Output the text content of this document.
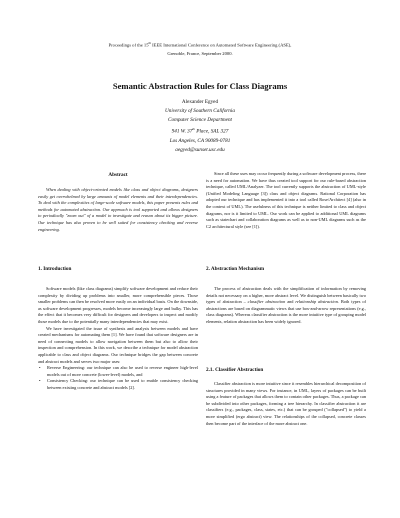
Proceedings of the 15th IEEE International Conference on Automated Software Engineering (ASE),
Grenoble, France, September 2000.
Semantic Abstraction Rules for Class Diagrams
Alexander Egyed
University of Southern California
Computer Science Department
941 W. 37th Place, SAL 327
Los Angeles, CA 90089-0781
aegyed@sunset.usc.edu
Abstract

When dealing with object-oriented models like class and object diagrams, designers easily get overwhelmed by large amounts of model elements and their interdependencies. To deal with the complexities of large-scale software models, this paper presents rules and methods for automated abstraction. Our approach is tool supported and allows designers to periodically "zoom out" of a model to investigate and reason about its bigger picture. Our technique has also proven to be well suited for consistency checking and reverse engineering.

1. Introduction

Software models (like class diagrams) simplify software development and reduce their complexity by dividing up problems into smaller, more comprehensible pieces. Those smaller problems can then be resolved more easily on an individual basis. On the downside, as software development progresses, models become increasingly large and bulky. This has the effect that it becomes very difficult for designers and developers to inspect and modify those models due to the potentially many interdependencies that may exist.

We have investigated the issue of synthesis and analysis between models and have created mechanisms for automating them [1]. We have found that software designers are in need of connecting models to allow navigation between them but also to allow their inspection and comprehension. In this work, we describe a technique for model abstraction applicable to class and object diagrams. Our technique bridges the gap between concrete and abstract models and serves two major uses:

• Reverse Engineering: our technique can also be used to reverse engineer high-level models out of more concrete (lower-level) models, and
• Consistency Checking: our technique can be used to enable consistency checking between existing concrete and abstract models [2].

Since all these uses may occur frequently during a software development process, there is a need for automation. We have thus created tool support for our rule-based abstraction technique, called UML/Analyzer. The tool currently supports the abstraction of UML-style (Unified Modeling Language [3]) class and object diagrams. Rational Corporation has adopted our technique and has implemented it into a tool called Rose/Architect [4] (also in the context of UML). The usefulness of this technique is neither limited to class and object diagrams, nor is it limited to UML. Our work can be applied to additional UML diagrams such as statechart and collaboration diagrams as well as to non-UML diagrams such as the C2 architectural style (see [1]).

2. Abstraction Mechanism

The process of abstraction deals with the simplification of information by removing details not necessary on a higher, more abstract level. We distinguish between basically two types of abstraction – classifier abstraction and relationship abstraction. Both types of abstractions are based on diagrammatic views that use box-and-arrow representations (e.g., class diagrams). Whereas classifier abstraction is the more intuitive type of grouping model elements, relation abstraction has been widely ignored.

2.1. Classifier Abstraction

Classifier abstraction is more intuitive since it resembles hierarchical decomposition of structures provided in many views. For instance, in UML, layers of packages can be built using a feature of packages that allows them to contain other packages. Thus, a package can be subdivided into other packages, forming a tree hierarchy. In classifier abstraction it are classifiers (e.g., packages, class, states, etc.) that can be grouped ("collapsed") to yield a more simplified (ergo abstract) view. The relationships of the collapsed, concrete classes then become part of the interface of the more abstract one.
